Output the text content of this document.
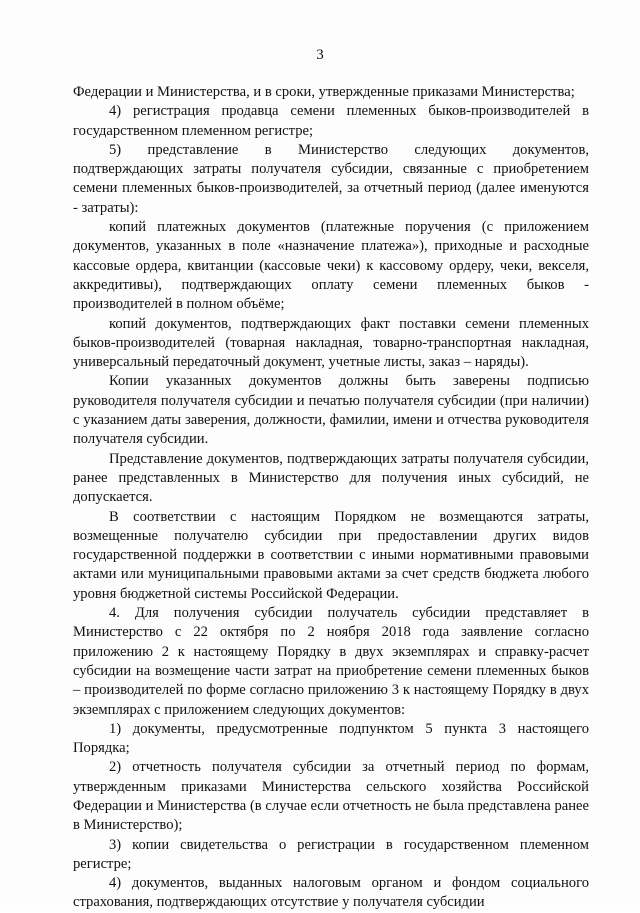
3

Федерации и Министерства, и в сроки, утвержденные приказами Министерства;

4) регистрация продавца семени племенных быков-производителей в государственном племенном регистре;

5) представление в Министерство следующих документов, подтверждающих затраты получателя субсидии, связанные с приобретением семени племенных быков-производителей, за отчетный период (далее именуются - затраты):

копий платежных документов (платежные поручения (с приложением документов, указанных в поле «назначение платежа»), приходные и расходные кассовые ордера, квитанции (кассовые чеки) к кассовому ордеру, чеки, векселя, аккредитивы), подтверждающих оплату семени племенных быков - производителей в полном объёме;

копий документов, подтверждающих факт поставки семени племенных быков-производителей (товарная накладная, товарно-транспортная накладная, универсальный передаточный документ, учетные листы, заказ – наряды).

Копии указанных документов должны быть заверены подписью руководителя получателя субсидии и печатью получателя субсидии (при наличии) с указанием даты заверения, должности, фамилии, имени и отчества руководителя получателя субсидии.

Представление документов, подтверждающих затраты получателя субсидии, ранее представленных в Министерство для получения иных субсидий, не допускается.

В соответствии с настоящим Порядком не возмещаются затраты, возмещенные получателю субсидии при предоставлении других видов государственной поддержки в соответствии с иными нормативными правовыми актами или муниципальными правовыми актами за счет средств бюджета любого уровня бюджетной системы Российской Федерации.

4. Для получения субсидии получатель субсидии представляет в Министерство с 22 октября по 2 ноября 2018 года заявление согласно приложению 2 к настоящему Порядку в двух экземплярах и справку-расчет субсидии на возмещение части затрат на приобретение семени племенных быков – производителей по форме согласно приложению 3 к настоящему Порядку в двух экземплярах с приложением следующих документов:

1) документы, предусмотренные подпунктом 5 пункта 3 настоящего Порядка;

2) отчетность получателя субсидии за отчетный период по формам, утвержденным приказами Министерства сельского хозяйства Российской Федерации и Министерства (в случае если отчетность не была представлена ранее в Министерство);

3) копии свидетельства о регистрации в государственном племенном регистре;

4) документов, выданных налоговым органом и фондом социального страхования, подтверждающих отсутствие у получателя субсидии
